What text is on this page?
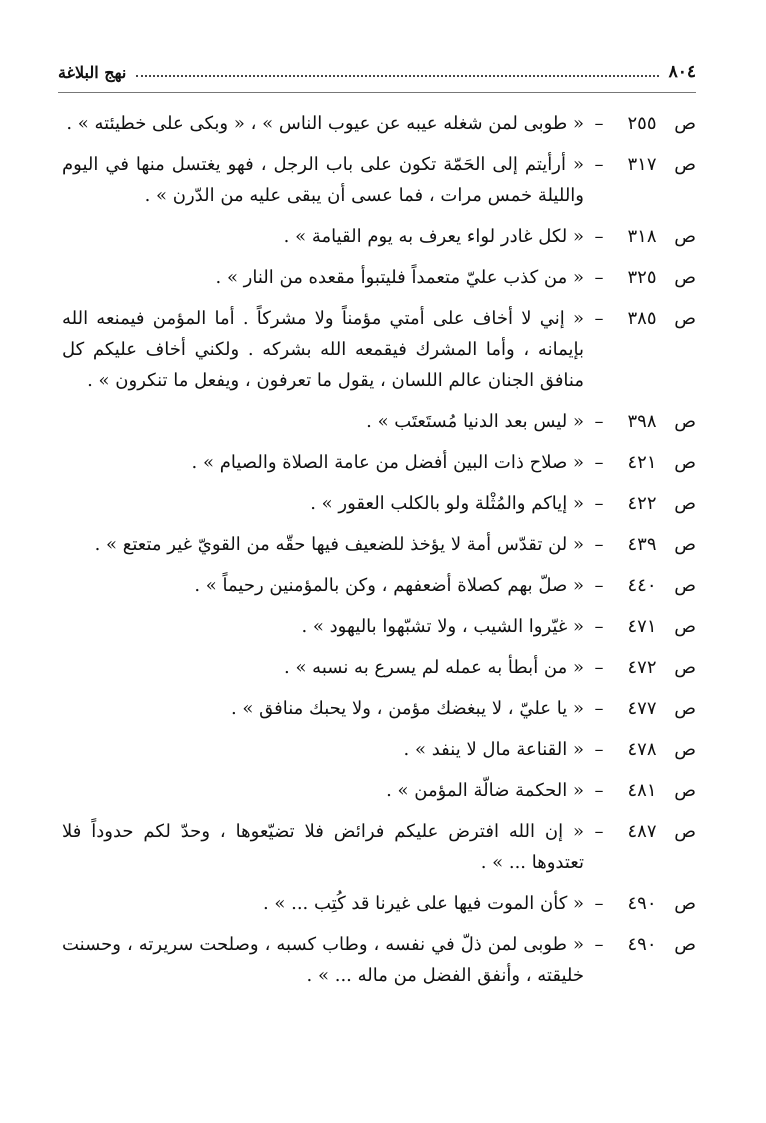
٨٠٤
نهج البلاغة
ص
٢٥٥
–
« طوبى لمن شغله عيبه عن عيوب الناس » ، « وبكى على خطيئته » .
ص
٣١٧
–
« أرأيتم إلى الحَمّة تكون على باب الرجل ، فهو يغتسل منها في اليوم والليلة خمس مرات ، فما عسى أن يبقى عليه من الدّرن » .
ص
٣١٨
–
« لكل غادر لواء يعرف به يوم القيامة » .
ص
٣٢٥
–
« من كذب عليّ متعمداً فليتبوأ مقعده من النار » .
ص
٣٨٥
–
« إني لا أخاف على أمتي مؤمناً ولا مشركاً . أما المؤمن فيمنعه الله بإيمانه ، وأما المشرك فيقمعه الله بشركه . ولكني أخاف عليكم كل منافق الجنان عالم اللسان ، يقول ما تعرفون ، ويفعل ما تنكرون » .
ص
٣٩٨
–
« ليس بعد الدنيا مُستَعتَب » .
ص
٤٢١
–
« صلاح ذات البين أفضل من عامة الصلاة والصيام » .
ص
٤٢٢
–
« إياكم والمُثْلة ولو بالكلب العقور » .
ص
٤٣٩
–
« لن تقدّس أمة لا يؤخذ للضعيف فيها حقّه من القويّ غير متعتع » .
ص
٤٤٠
–
« صلّ بهم كصلاة أضعفهم ، وكن بالمؤمنين رحيماً » .
ص
٤٧١
–
« غيّروا الشيب ، ولا تشبّهوا باليهود » .
ص
٤٧٢
–
« من أبطأ به عمله لم يسرع به نسبه » .
ص
٤٧٧
–
« يا عليّ ، لا يبغضك مؤمن ، ولا يحبك منافق » .
ص
٤٧٨
–
« القناعة مال لا ينفد » .
ص
٤٨١
–
« الحكمة ضالّة المؤمن » .
ص
٤٨٧
–
« إن الله افترض عليكم فرائض فلا تضيّعوها ، وحدّ لكم حدوداً فلا تعتدوها ... » .
ص
٤٩٠
–
« كأن الموت فيها على غيرنا قد كُتِب ... » .
ص
٤٩٠
–
« طوبى لمن ذلّ في نفسه ، وطاب كسبه ، وصلحت سريرته ، وحسنت خليقته ، وأنفق الفضل من ماله ... » .
